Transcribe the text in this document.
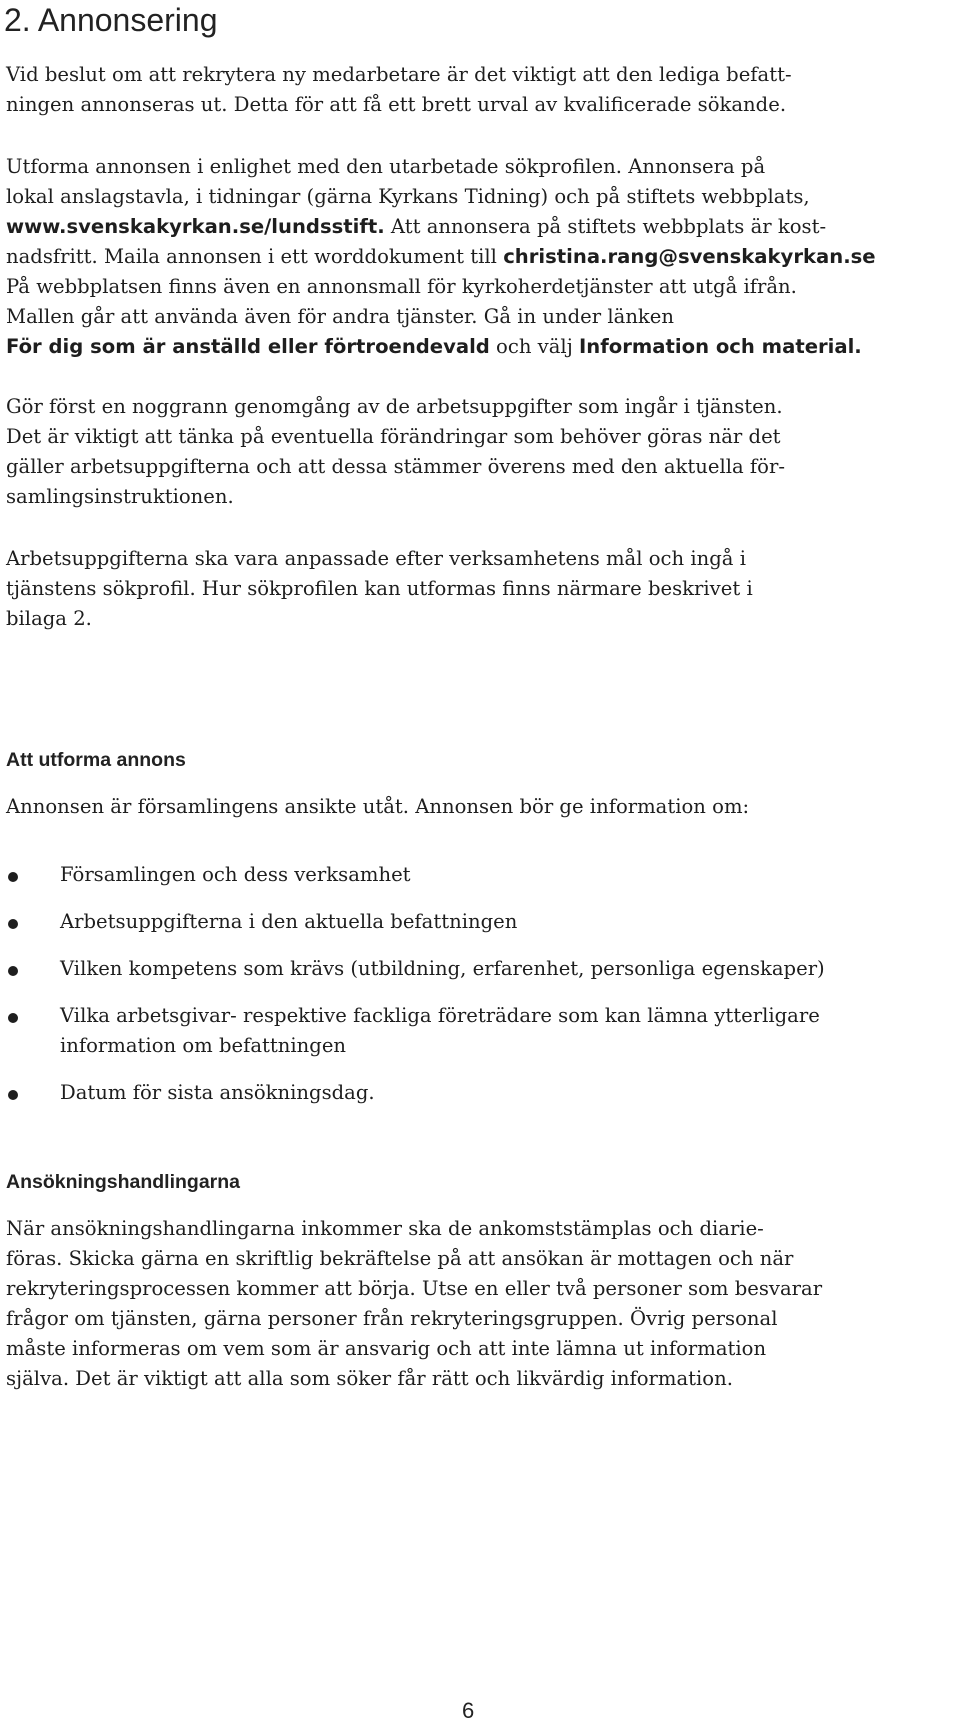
2. Annonsering

Vid beslut om att rekrytera ny medarbetare är det viktigt att den lediga befatt-
ningen annonseras ut. Detta för att få ett brett urval av kvalificerade sökande.

Utforma annonsen i enlighet med den utarbetade sökprofilen. Annonsera på
lokal anslagstavla, i tidningar (gärna Kyrkans Tidning) och på stiftets webbplats,
www.svenskakyrkan.se/lundsstift. Att annonsera på stiftets webbplats är kost-
nadsfritt. Maila annonsen i ett worddokument till christina.rang@svenskakyrkan.se
På webbplatsen finns även en annonsmall för kyrkoherdetjänster att utgå ifrån.
Mallen går att använda även för andra tjänster. Gå in under länken
För dig som är anställd eller förtroendevald och välj Information och material.

Gör först en noggrann genomgång av de arbetsuppgifter som ingår i tjänsten.
Det är viktigt att tänka på eventuella förändringar som behöver göras när det
gäller arbetsuppgifterna och att dessa stämmer överens med den aktuella för-
samlingsinstruktionen.

Arbetsuppgifterna ska vara anpassade efter verksamhetens mål och ingå i
tjänstens sökprofil. Hur sökprofilen kan utformas finns närmare beskrivet i
bilaga 2.

Att utforma annons

Annonsen är församlingens ansikte utåt. Annonsen bör ge information om:

Församlingen och dess verksamhet
Arbetsuppgifterna i den aktuella befattningen
Vilken kompetens som krävs (utbildning, erfarenhet, personliga egenskaper)
Vilka arbetsgivar- respektive fackliga företrädare som kan lämna ytterligare
information om befattningen
Datum för sista ansökningsdag.
Ansökningshandlingarna

När ansökningshandlingarna inkommer ska de ankomststämplas och diarie-
föras. Skicka gärna en skriftlig bekräftelse på att ansökan är mottagen och när
rekryteringsprocessen kommer att börja. Utse en eller två personer som besvarar
frågor om tjänsten, gärna personer från rekryteringsgruppen. Övrig personal
måste informeras om vem som är ansvarig och att inte lämna ut information
själva. Det är viktigt att alla som söker får rätt och likvärdig information.

6
